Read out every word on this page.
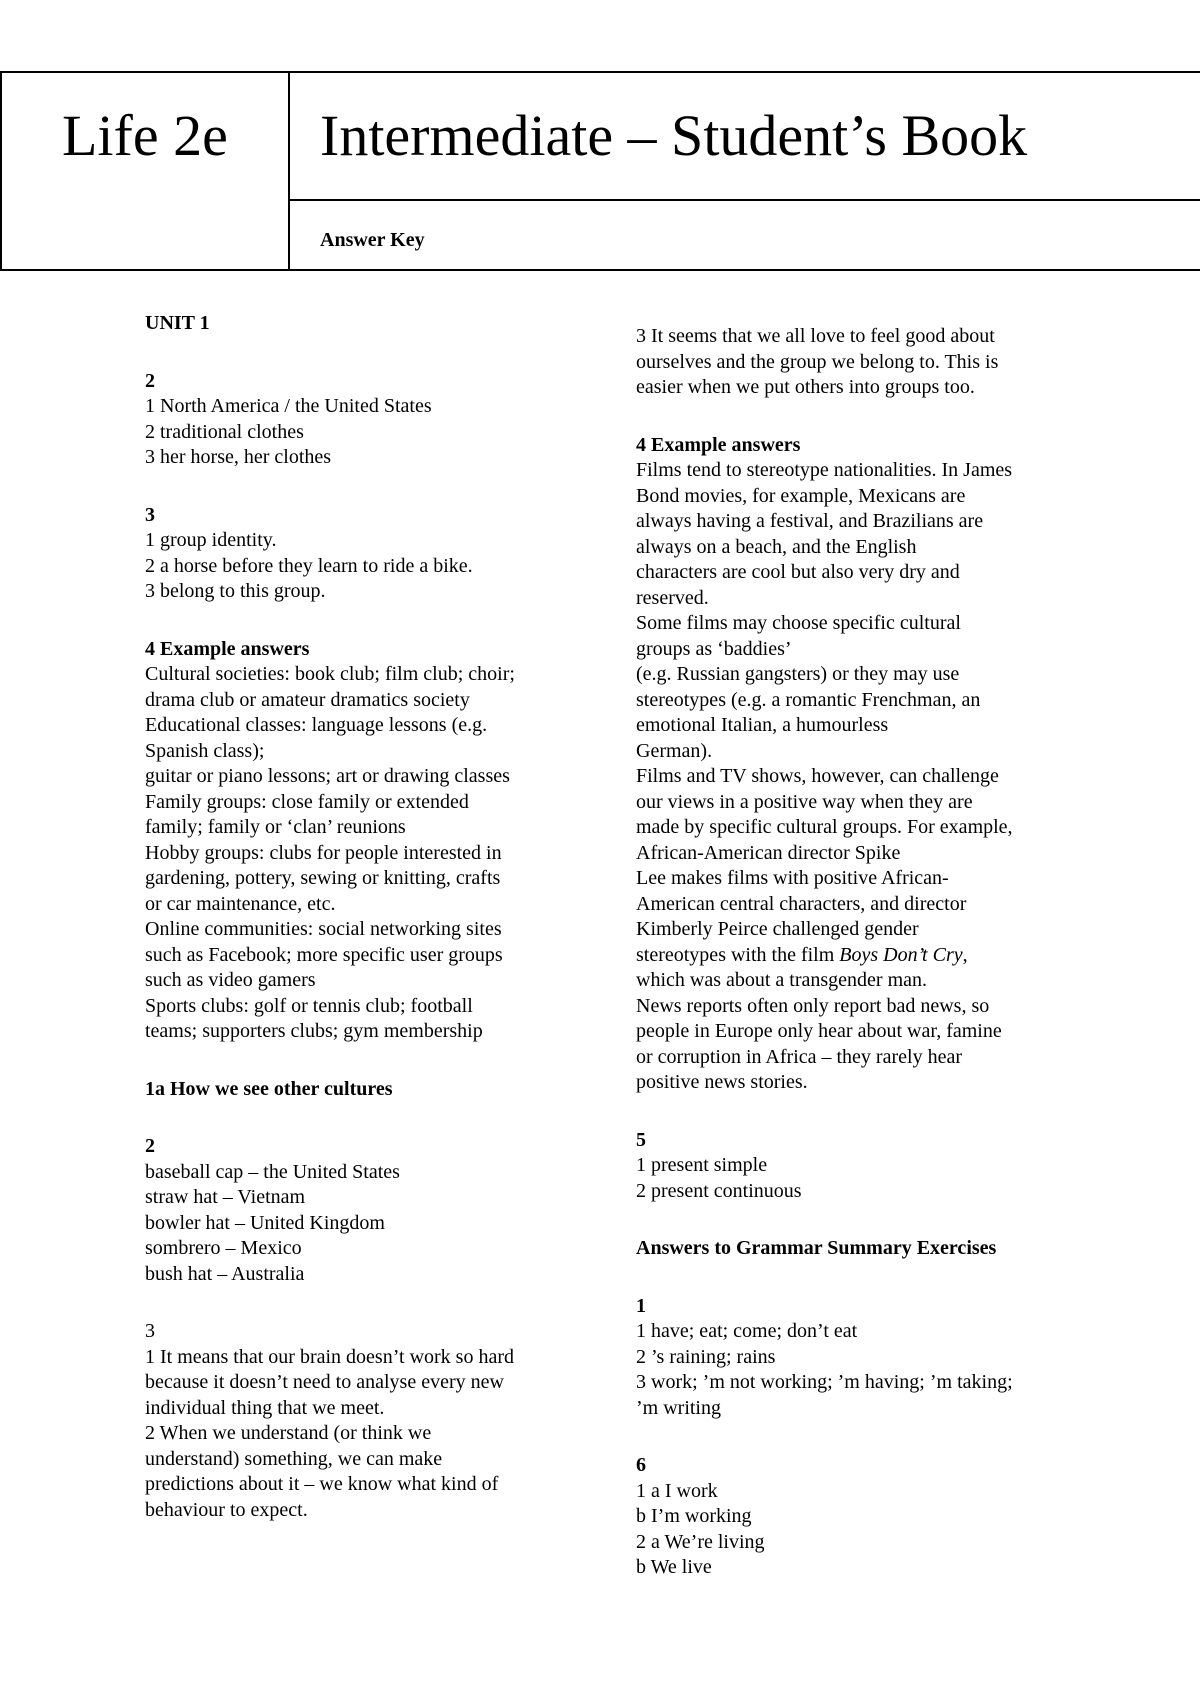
Life 2e Intermediate – Student’s Book
Answer Key
UNIT 1

2

1 North America / the United States

2 traditional clothes

3 her horse, her clothes

3

1 group identity.

2 a horse before they learn to ride a bike.

3 belong to this group.

4 Example answers

Cultural societies: book club; film club; choir;

drama club or amateur dramatics society

Educational classes: language lessons (e.g.

Spanish class);

guitar or piano lessons; art or drawing classes

Family groups: close family or extended

family; family or ‘clan’ reunions

Hobby groups: clubs for people interested in

gardening, pottery, sewing or knitting, crafts

or car maintenance, etc.

Online communities: social networking sites

such as Facebook; more specific user groups

such as video gamers

Sports clubs: golf or tennis club; football

teams; supporters clubs; gym membership

1a How we see other cultures

2

baseball cap – the United States

straw hat – Vietnam

bowler hat – United Kingdom

sombrero – Mexico

bush hat – Australia

3

1 It means that our brain doesn’t work so hard

because it doesn’t need to analyse every new

individual thing that we meet.

2 When we understand (or think we

understand) something, we can make

predictions about it – we know what kind of

behaviour to expect.

3 It seems that we all love to feel good about

ourselves and the group we belong to. This is

easier when we put others into groups too.

4 Example answers

Films tend to stereotype nationalities. In James

Bond movies, for example, Mexicans are

always having a festival, and Brazilians are

always on a beach, and the English

characters are cool but also very dry and

reserved.

Some films may choose specific cultural

groups as ‘baddies’

(e.g. Russian gangsters) or they may use

stereotypes (e.g. a romantic Frenchman, an

emotional Italian, a humourless

German).

Films and TV shows, however, can challenge

our views in a positive way when they are

made by specific cultural groups. For example,

African-American director Spike

Lee makes films with positive African-

American central characters, and director

Kimberly Peirce challenged gender

stereotypes with the film Boys Don’t Cry,

which was about a transgender man.

News reports often only report bad news, so

people in Europe only hear about war, famine

or corruption in Africa – they rarely hear

positive news stories.

5

1 present simple

2 present continuous

Answers to Grammar Summary Exercises

1

1 have; eat; come; don’t eat

2 ’s raining; rains

3 work; ’m not working; ’m having; ’m taking;

’m writing

6

1 a I work

b I’m working

2 a We’re living

b We live
